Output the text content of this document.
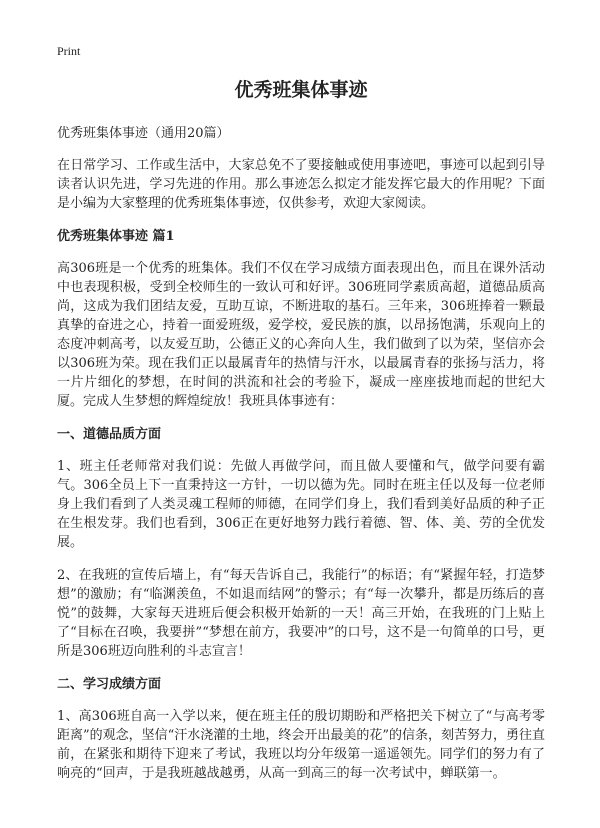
Print
优秀班集体事迹
优秀班集体事迹（通用20篇）

在日常学习、工作或生活中，大家总免不了要接触或使用事迹吧，事迹可以起到引导读者认识先进，学习先进的作用。那么事迹怎么拟定才能发挥它最大的作用呢？下面是小编为大家整理的优秀班集体事迹，仅供参考，欢迎大家阅读。

优秀班集体事迹 篇1

高306班是一个优秀的班集体。我们不仅在学习成绩方面表现出色，而且在课外活动中也表现积极，受到全校师生的一致认可和好评。306班同学素质高超，道德品质高尚，这成为我们团结友爱，互助互谅，不断进取的基石。三年来，306班捧着一颗最真挚的奋进之心，持着一面爱班级，爱学校，爱民族的旗，以昂扬饱满，乐观向上的态度冲刺高考，以友爱互助，公德正义的心奔向人生，我们做到了以为荣，坚信亦会以306班为荣。现在我们正以最属青年的热情与汗水，以最属青春的张扬与活力，将一片片细化的梦想，在时间的洪流和社会的考验下，凝成一座座拔地而起的世纪大厦。完成人生梦想的辉煌绽放！我班具体事迹有：

一、道德品质方面

1、班主任老师常对我们说：先做人再做学问，而且做人要懂和气，做学问要有霸气。306全员上下一直秉持这一方针，一切以德为先。同时在班主任以及每一位老师身上我们看到了人类灵魂工程师的师德，在同学们身上，我们看到美好品质的种子正在生根发芽。我们也看到，306正在更好地努力践行着德、智、体、美、劳的全优发展。

2、在我班的宣传后墙上，有“每天告诉自己，我能行”的标语；有“紧握年轻，打造梦想”的激励；有“临渊羡鱼，不如退而结网”的警示；有“每一次攀升，都是历练后的喜悦”的鼓舞，大家每天进班后便会积极开始新的一天！高三开始，在我班的门上贴上了“目标在召唤，我要拼”“梦想在前方，我要冲”的口号，这不是一句简单的口号，更所是306班迈向胜利的斗志宣言！

二、学习成绩方面

1、高306班自高一入学以来，便在班主任的殷切期盼和严格把关下树立了“与高考零距离”的观念，坚信“汗水浇灌的土地，终会开出最美的花”的信条，刻苦努力，勇往直前，在紧张和期待下迎来了考试，我班以均分年级第一遥遥领先。同学们的努力有了响亮的“回声，于是我班越战越勇，从高一到高三的每一次考试中，蝉联第一。
